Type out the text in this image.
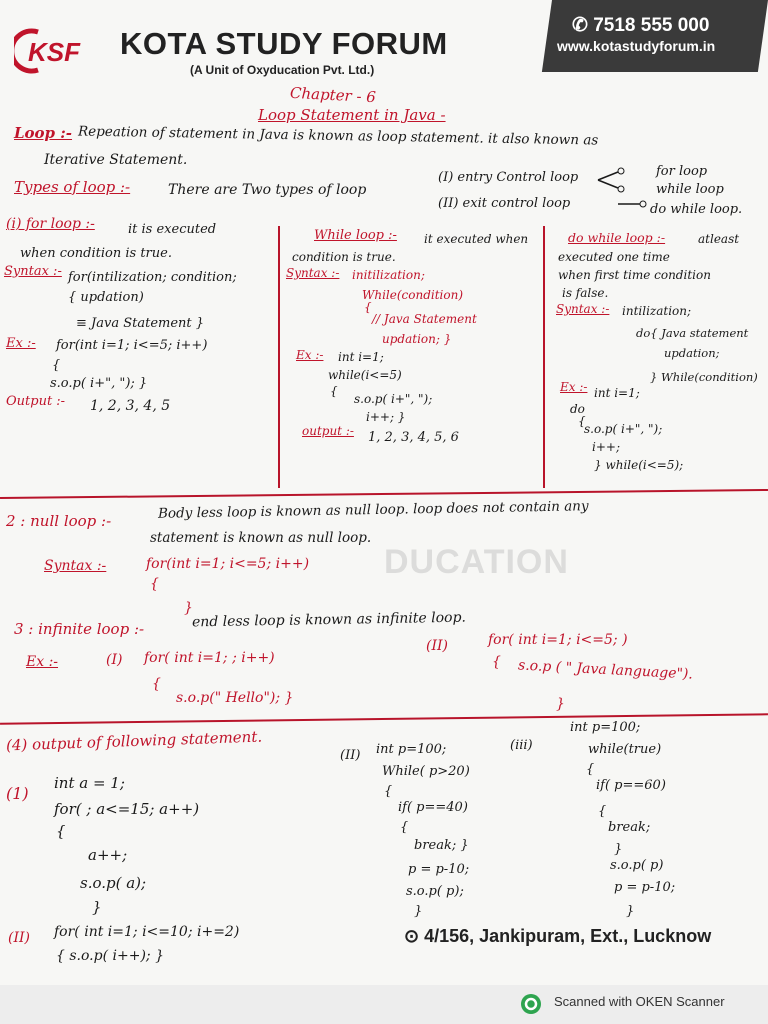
✆ 7518 555 000
www.kotastudyforum.in
KSF KOTA STUDY FORUM
(A Unit of Oxyducation Pvt. Ltd.)
DUCATION
Chapter - 6
Loop Statement in Java -
Loop :- Repeation of statement in Java is known as loop statement. it also known as
Iterative Statement.
Types of loop :-	There are Two types of loop
(I) entry Control loop
(II) exit control loop
for loop
while loop
do while loop.
(i) for loop :-	it is executed
when condition is true.
Syntax :- for(intilization; condition;
{ updation)
≡ Java Statement }
Ex :- for(int i=1; i<=5; i++)
{
s.o.p( i+", "); }
Output :- 1, 2, 3, 4, 5
While loop :- it executed when
condition is true.
Syntax :- initilization;
While(condition)
{
// Java Statement
updation; }
Ex :- int i=1;
while(i<=5)
{
s.o.p( i+", ");
i++; }
output :- 1, 2, 3, 4, 5, 6
do while loop :-	atleast
executed one time
when first time condition
is false.
Syntax :- intilization;
do{ Java statement
updation;
} While(condition)
Ex :- int i=1;
do
{
s.o.p( i+", ");
i++;
} while(i<=5);
2 : null loop :-	Body less loop is known as null loop. loop does not contain any
statement is known as null loop.
Syntax :-	for(int i=1; i<=5; i++)
{
}
3 : infinite loop :-	end less loop is known as infinite loop.
Ex :-	(I) for( int i=1; ; i++)
{
s.o.p(" Hello"); }
(II)	for( int i=1; i<=5; )
{ s.o.p ( " Java language").
}
(4) output of following statement.
(1)
int a = 1;
for( ; a<=15; a++)
{
a++;
s.o.p( a);
}
(II) int p=100;
While( p>20)
{
if( p==40)
{
break; }
p = p-10;
s.o.p( p);
}
(iii)
int p=100;
while(true)
{
if( p==60)
{
break;
}
s.o.p( p)
p = p-10;
}
(II) for( int i=1; i<=10; i+=2)
{ s.o.p( i++); }
⊙ 4/156, Jankipuram, Ext., Lucknow
Scanned with OKEN Scanner
